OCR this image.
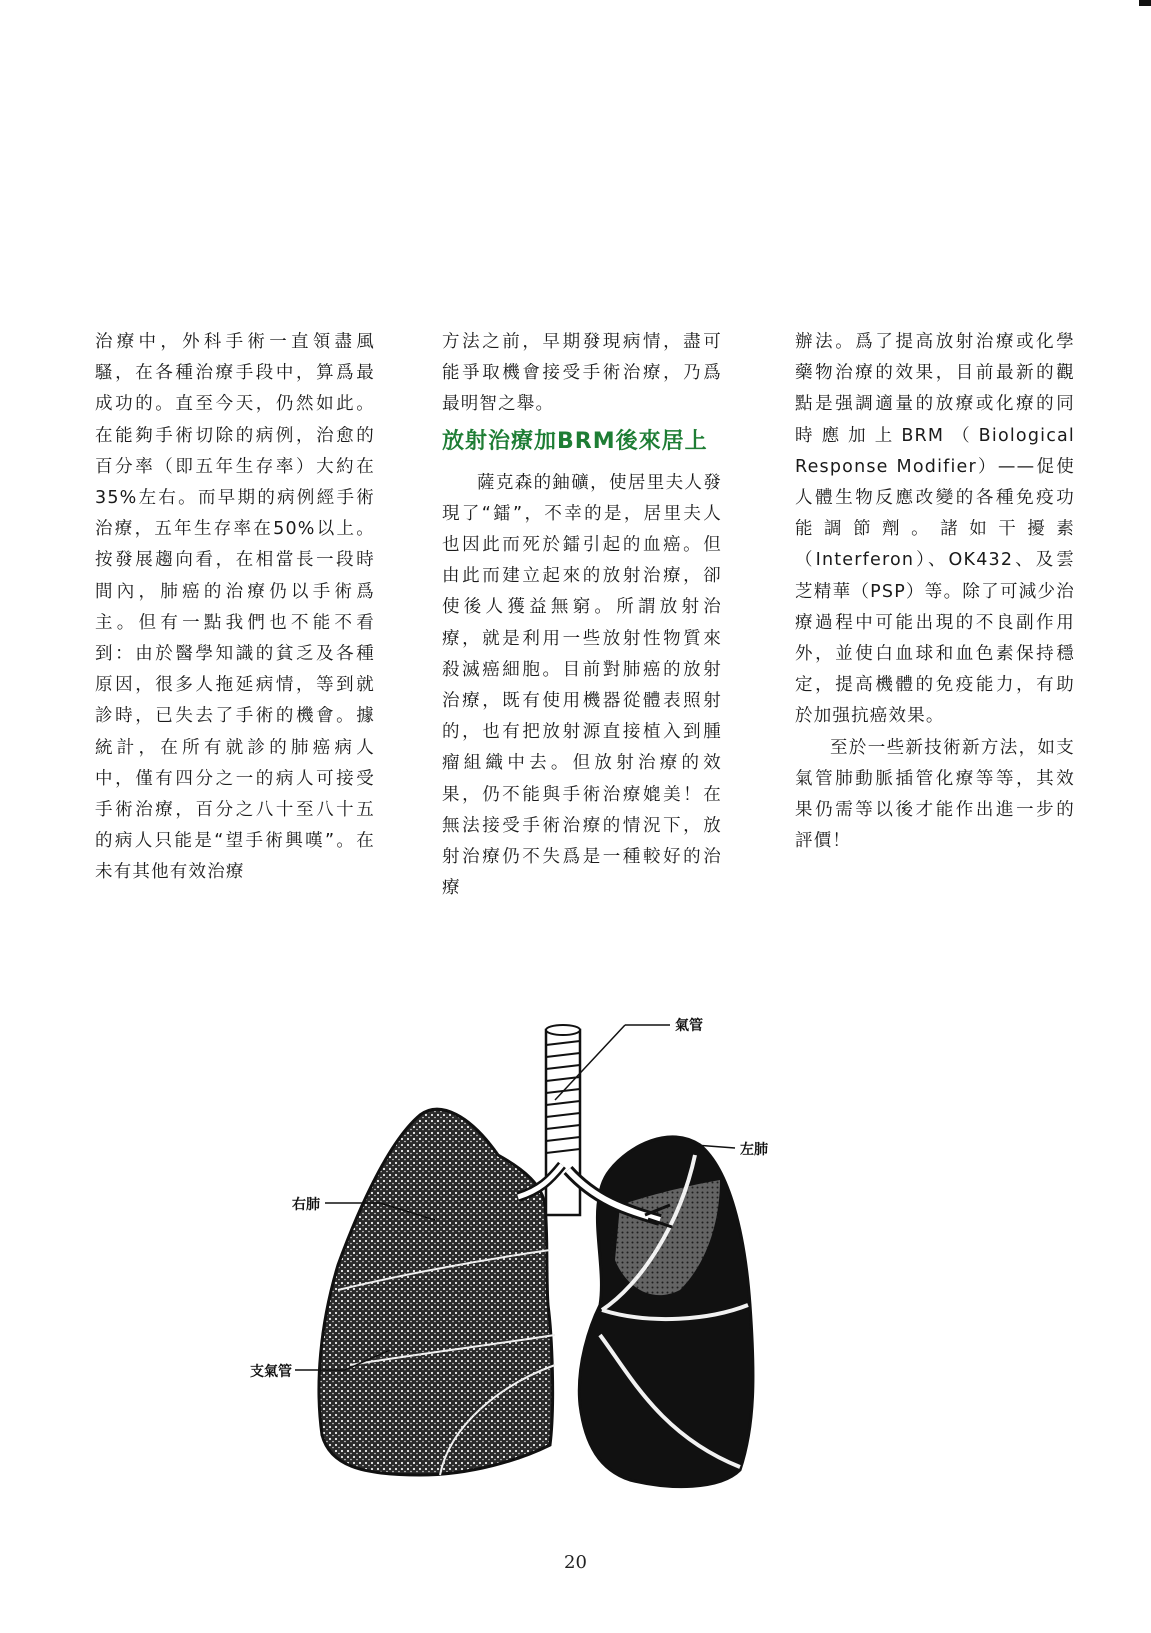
治療中，外科手術一直領盡風騷，在各種治療手段中，算爲最成功的。直至今天，仍然如此。在能夠手術切除的病例，治愈的百分率（即五年生存率）大約在35%左右。而早期的病例經手術治療，五年生存率在50%以上。按發展趨向看，在相當長一段時間內，肺癌的治療仍以手術爲主。但有一點我們也不能不看到：由於醫學知識的貧乏及各種原因，很多人拖延病情，等到就診時，已失去了手術的機會。據統計，在所有就診的肺癌病人中，僅有四分之一的病人可接受手術治療，百分之八十至八十五的病人只能是“望手術興嘆”。在未有其他有效治療

方法之前，早期發現病情，盡可能爭取機會接受手術治療，乃爲最明智之舉。

放射治療加BRM後來居上

薩克森的鈾礦，使居里夫人發現了“鐳”，不幸的是，居里夫人也因此而死於鐳引起的血癌。但由此而建立起來的放射治療，卻使後人獲益無窮。所謂放射治療，就是利用一些放射性物質來殺滅癌細胞。目前對肺癌的放射治療，既有使用機器從體表照射的，也有把放射源直接植入到腫瘤組織中去。但放射治療的效果，仍不能與手術治療媲美！在無法接受手術治療的情況下，放射治療仍不失爲是一種較好的治療

辦法。爲了提高放射治療或化學藥物治療的效果，目前最新的觀點是强調適量的放療或化療的同時應加上BRM（Biological Response Modifier）——促使人體生物反應改變的各種免疫功能調節劑。諸如干擾素（Interferon）、OK432、及雲芝精華（PSP）等。除了可減少治療過程中可能出現的不良副作用外，並使白血球和血色素保持穩定，提高機體的免疫能力，有助於加强抗癌效果。

至於一些新技術新方法，如支氣管肺動脈插管化療等等，其效果仍需等以後才能作出進一步的評價！

氣管
左肺
右肺
支氣管
20
